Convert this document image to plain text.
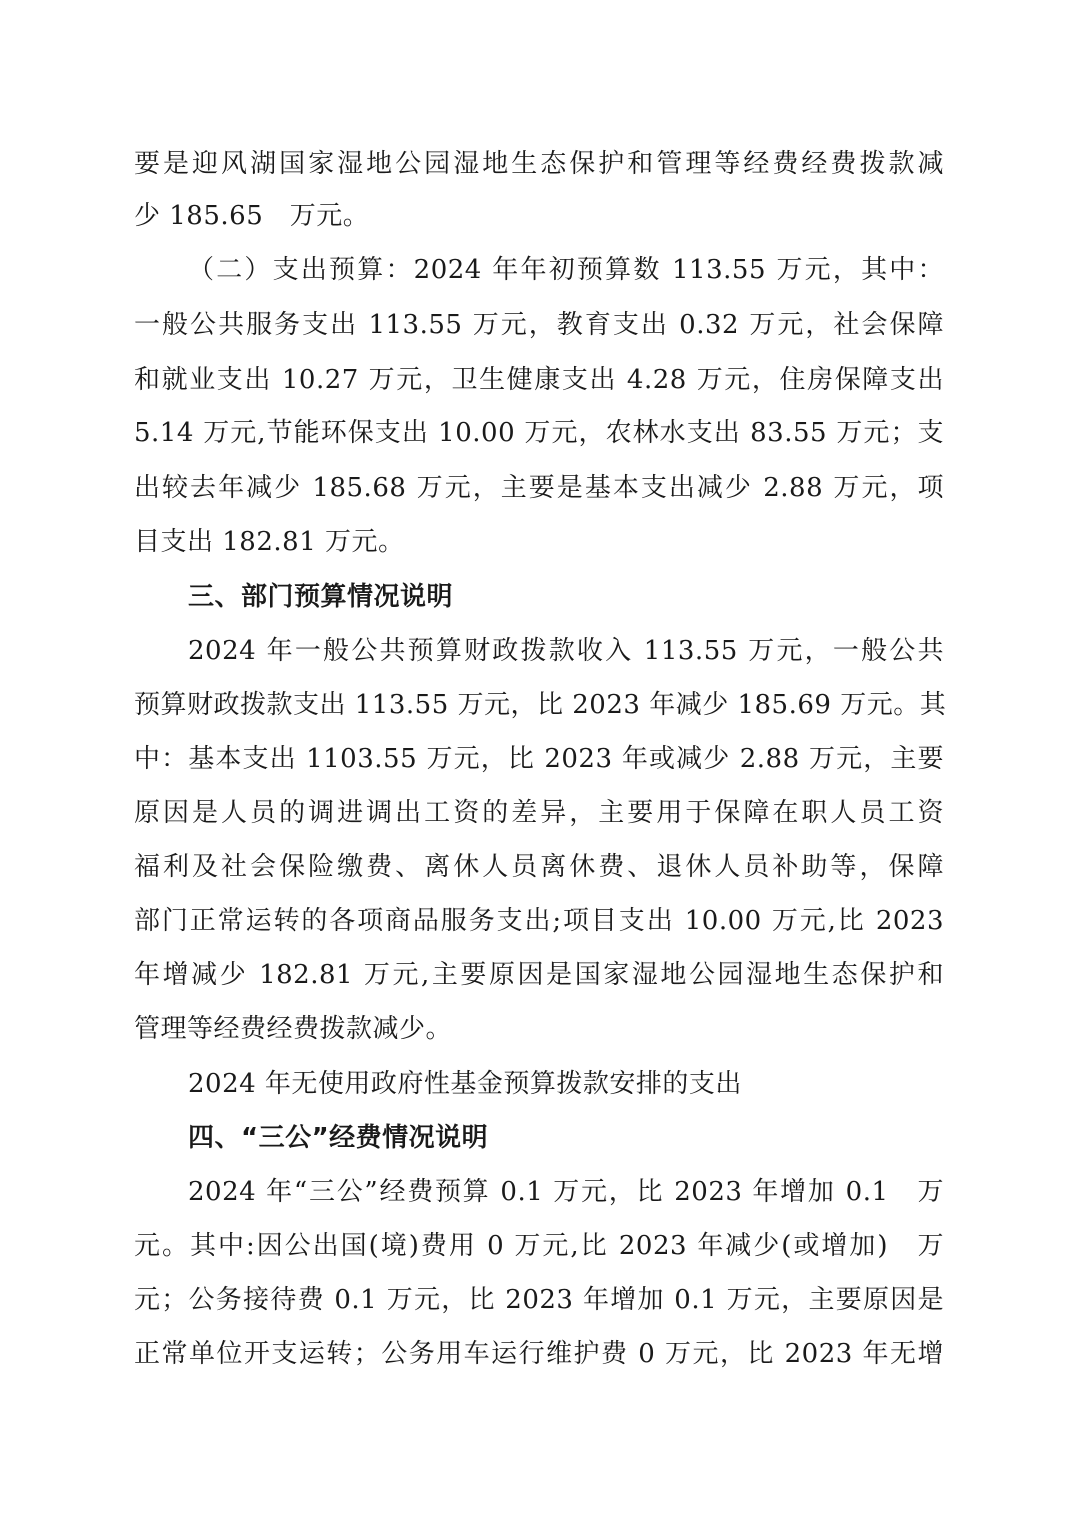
要是迎风湖国家湿地公园湿地生态保护和管理等经费经费拨款减
少 185.65　万元。
（二）支出预算：2024 年年初预算数 113.55 万元，其中：
一般公共服务支出 113.55 万元，教育支出 0.32 万元，社会保障
和就业支出 10.27 万元，卫生健康支出 4.28 万元，住房保障支出
5.14 万元,节能环保支出 10.00 万元，农林水支出 83.55 万元；支
出较去年减少 185.68 万元，主要是基本支出减少 2.88 万元，项
目支出 182.81 万元。
三、部门预算情况说明
2024 年一般公共预算财政拨款收入 113.55 万元，一般公共
预算财政拨款支出 113.55 万元，比 2023 年减少 185.69 万元。其
中：基本支出 1103.55 万元，比 2023 年或减少 2.88 万元，主要
原因是人员的调进调出工资的差异，主要用于保障在职人员工资
福利及社会保险缴费、离休人员离休费、退休人员补助等，保障
部门正常运转的各项商品服务支出;项目支出 10.00 万元,比 2023
年增减少 182.81 万元,主要原因是国家湿地公园湿地生态保护和
管理等经费经费拨款减少。
2024 年无使用政府性基金预算拨款安排的支出
四、“三公”经费情况说明
2024 年“三公”经费预算 0.1 万元，比 2023 年增加 0.1　万
元。其中:因公出国(境)费用 0 万元,比 2023 年减少(或增加)　万
元；公务接待费 0.1 万元，比 2023 年增加 0.1 万元，主要原因是
正常单位开支运转；公务用车运行维护费 0 万元，比 2023 年无增
